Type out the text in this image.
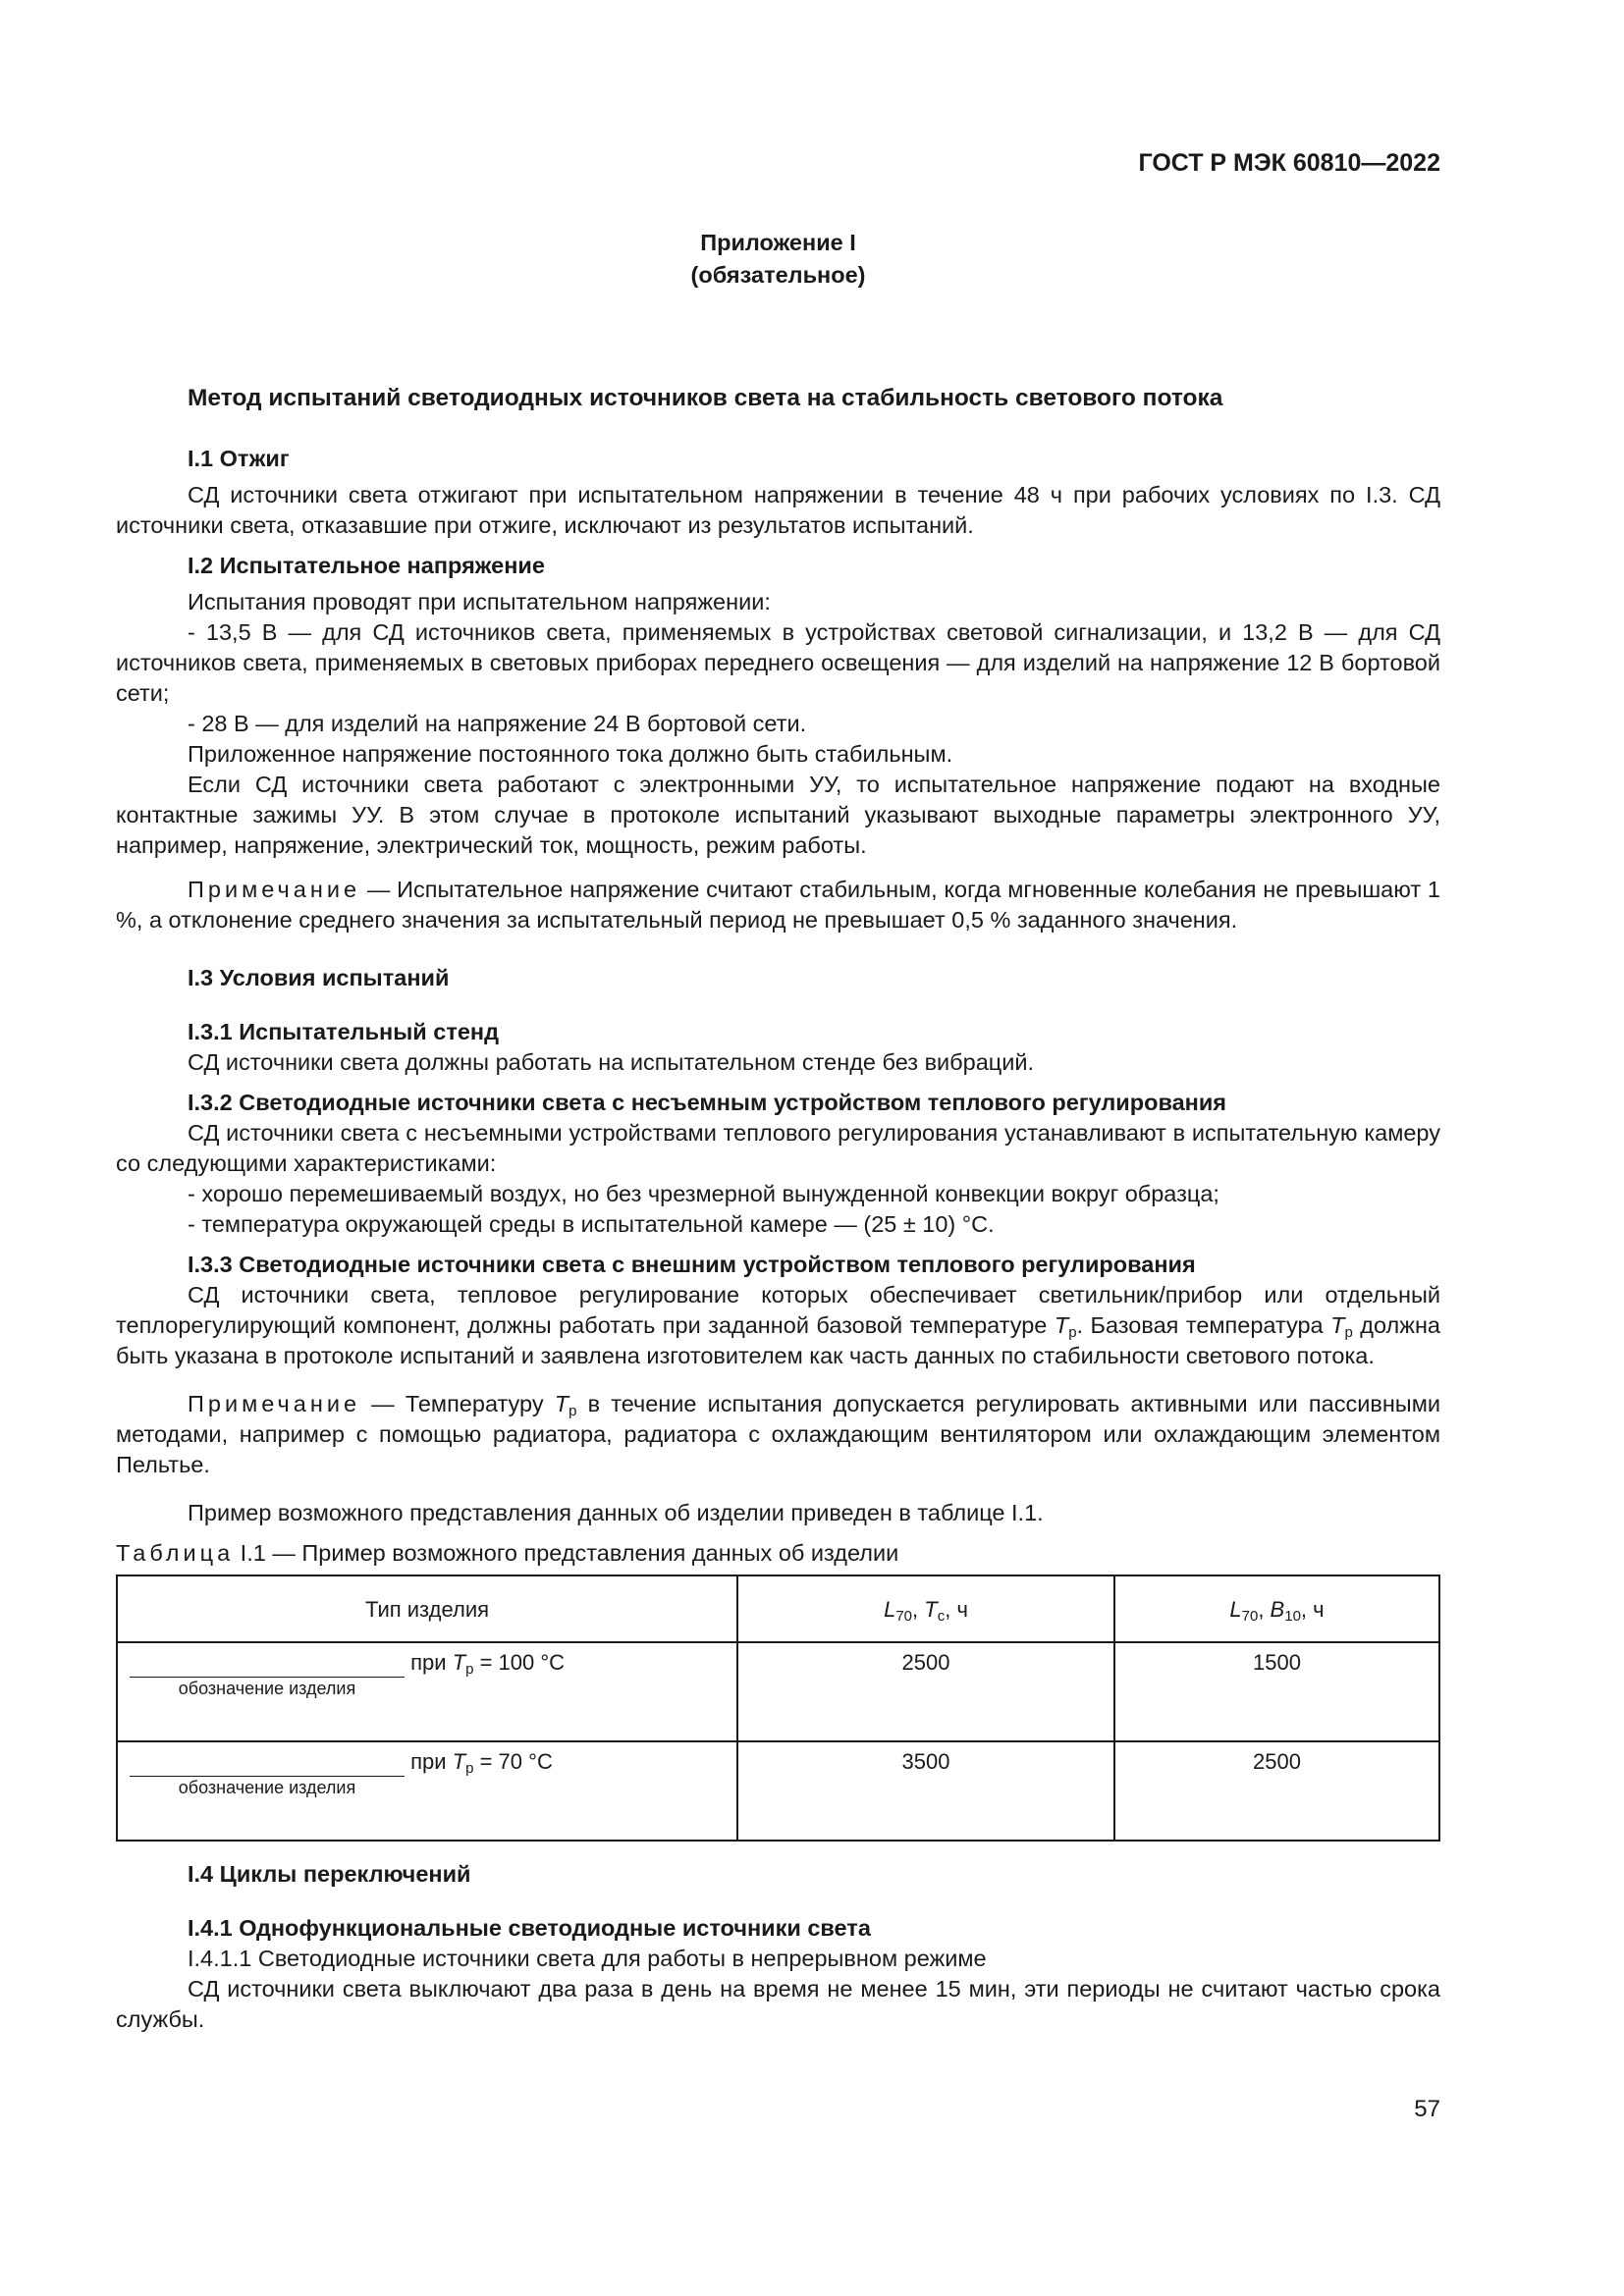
ГОСТ Р МЭК 60810—2022
Приложение I
(обязательное)
Метод испытаний светодиодных источников света на стабильность светового потока
I.1 Отжиг

СД источники света отжигают при испытательном напряжении в течение 48 ч при рабочих условиях по I.3. СД источники света, отказавшие при отжиге, исключают из результатов испытаний.

I.2 Испытательное напряжение

Испытания проводят при испытательном напряжении:

- 13,5 В — для СД источников света, применяемых в устройствах световой сигнализации, и 13,2 В — для СД источников света, применяемых в световых приборах переднего освещения — для изделий на напряжение 12 В бортовой сети;

- 28 В — для изделий на напряжение 24 В бортовой сети.

Приложенное напряжение постоянного тока должно быть стабильным.

Если СД источники света работают с электронными УУ, то испытательное напряжение подают на входные контактные зажимы УУ. В этом случае в протоколе испытаний указывают выходные параметры электронного УУ, например, напряжение, электрический ток, мощность, режим работы.

Примечание — Испытательное напряжение считают стабильным, когда мгновенные колебания не превышают 1 %, а отклонение среднего значения за испытательный период не превышает 0,5 % заданного значения.

I.3 Условия испытаний
I.3.1 Испытательный стенд

СД источники света должны работать на испытательном стенде без вибраций.

I.3.2 Светодиодные источники света с несъемным устройством теплового регулирования

СД источники света с несъемными устройствами теплового регулирования устанавливают в испытательную камеру со следующими характеристиками:

- хорошо перемешиваемый воздух, но без чрезмерной вынужденной конвекции вокруг образца;

- температура окружающей среды в испытательной камере — (25 ± 10) °С.

I.3.3 Светодиодные источники света с внешним устройством теплового регулирования

СД источники света, тепловое регулирование которых обеспечивает светильник/прибор или отдельный теплорегулирующий компонент, должны работать при заданной базовой температуре $T_p$. Базовая температура $T_p$ должна быть указана в протоколе испытаний и заявлена изготовителем как часть данных по стабильности светового потока.

Примечание — Температуру $T_p$ в течение испытания допускается регулировать активными или пассивными методами, например с помощью радиатора, радиатора с охлаждающим вентилятором или охлаждающим элементом Пельтье.

Пример возможного представления данных об изделии приведен в таблице I.1.

Таблица I.1 — Пример возможного представления данных об изделии
Тип изделия	$L_{70}$, $T_c$, ч	$L_{70}$, $B_{10}$, ч
при $T_p = 100$ °С
обозначение изделия	2500	1500
при $T_p = 70$ °С
обозначение изделия	3500	2500
I.4 Циклы переключений
I.4.1 Однофункциональные светодиодные источники света

I.4.1.1 Светодиодные источники света для работы в непрерывном режиме

СД источники света выключают два раза в день на время не менее 15 мин, эти периоды не считают частью срока службы.

57
